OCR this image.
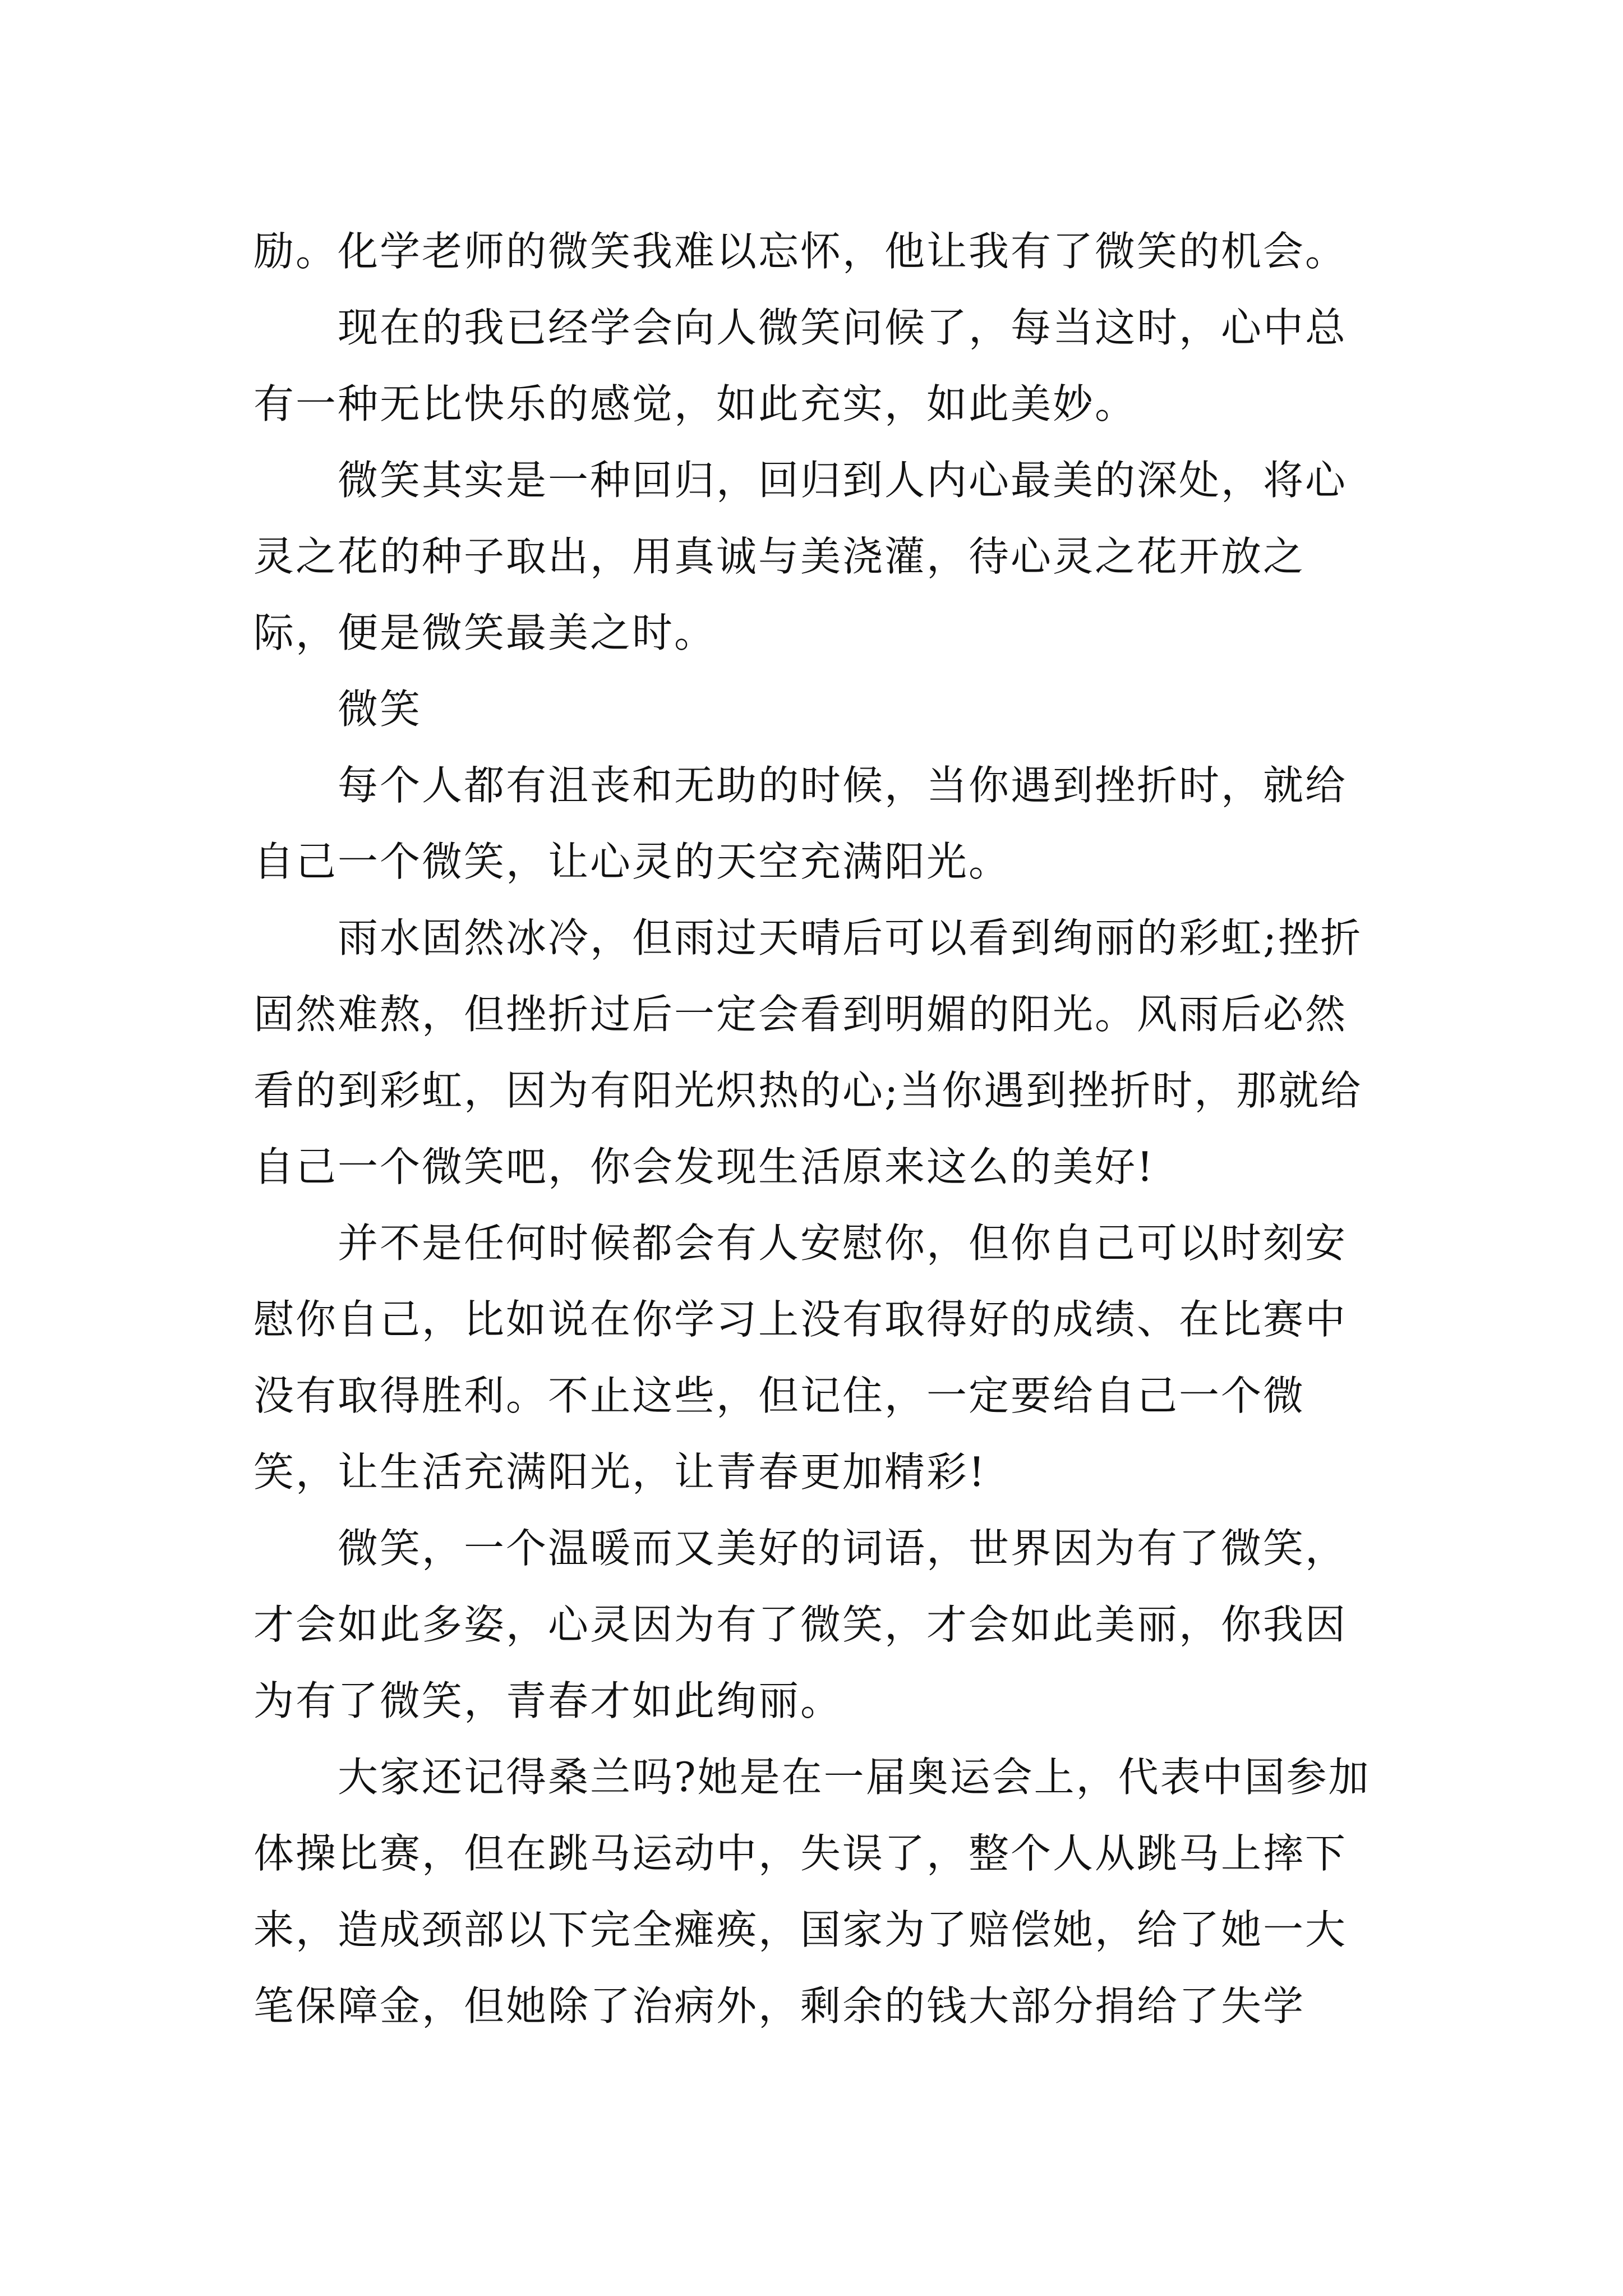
励。化学老师的微笑我难以忘怀，他让我有了微笑的机会。

现在的我已经学会向人微笑问候了，每当这时，心中总有一种无比快乐的感觉，如此充实，如此美妙。

微笑其实是一种回归，回归到人内心最美的深处，将心灵之花的种子取出，用真诚与美浇灌，待心灵之花开放之际，便是微笑最美之时。

微笑

每个人都有沮丧和无助的时候，当你遇到挫折时，就给自己一个微笑，让心灵的天空充满阳光。

雨水固然冰冷，但雨过天晴后可以看到绚丽的彩虹;挫折固然难熬，但挫折过后一定会看到明媚的阳光。风雨后必然看的到彩虹，因为有阳光炽热的心;当你遇到挫折时，那就给自己一个微笑吧，你会发现生活原来这么的美好!

并不是任何时候都会有人安慰你，但你自己可以时刻安慰你自己，比如说在你学习上没有取得好的成绩、在比赛中没有取得胜利。不止这些，但记住，一定要给自己一个微笑，让生活充满阳光，让青春更加精彩!

微笑，一个温暖而又美好的词语，世界因为有了微笑，才会如此多姿，心灵因为有了微笑，才会如此美丽，你我因为有了微笑，青春才如此绚丽。

大家还记得桑兰吗?她是在一届奥运会上，代表中国参加体操比赛，但在跳马运动中，失误了，整个人从跳马上摔下来，造成颈部以下完全瘫痪，国家为了赔偿她，给了她一大笔保障金，但她除了治病外，剩余的钱大部分捐给了失学
